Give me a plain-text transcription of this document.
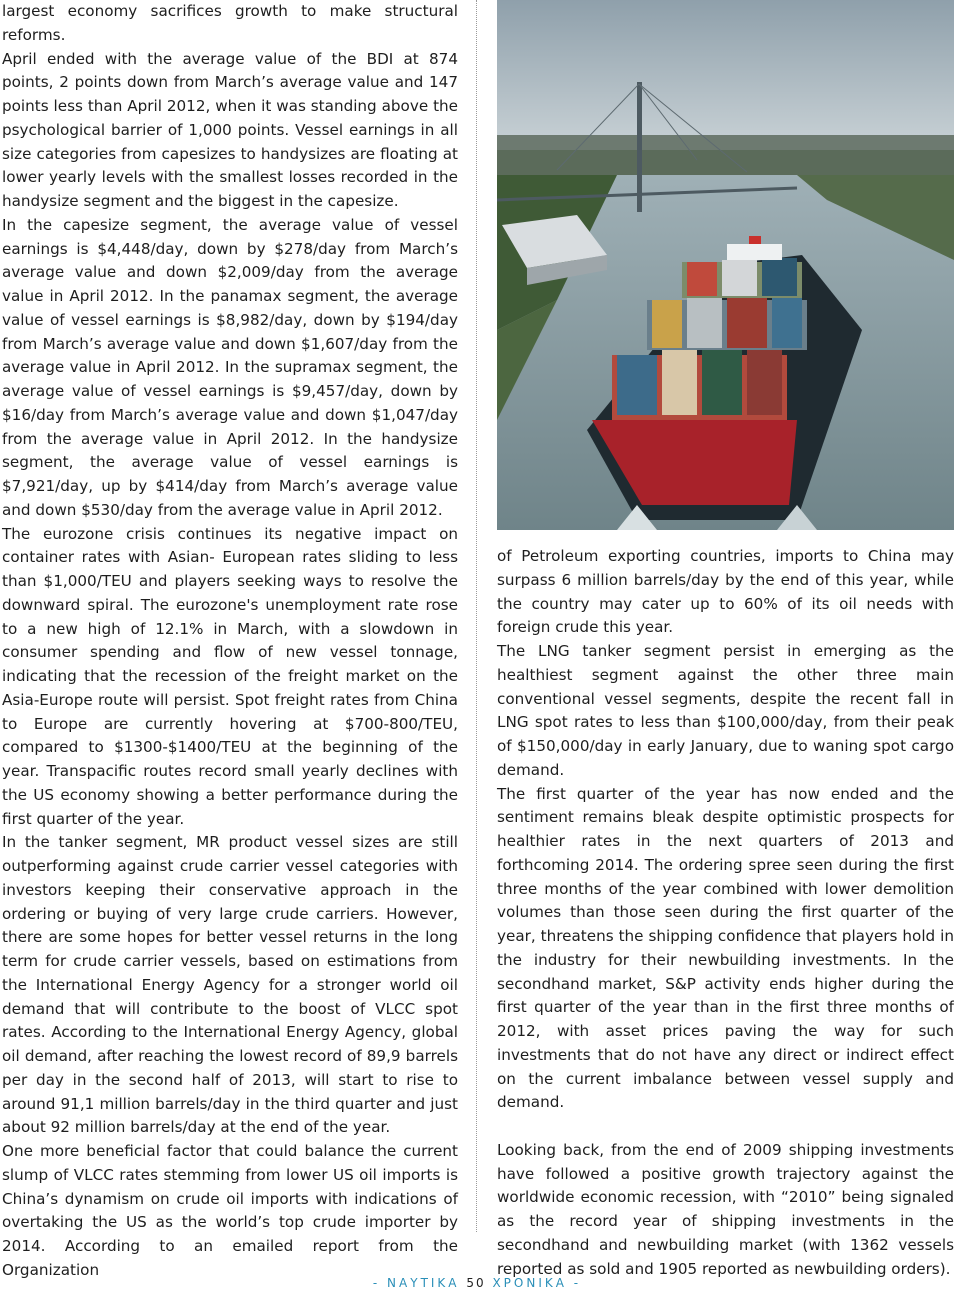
largest economy sacrifices growth to make structural reforms.

April ended with the average value of the BDI at 874 points, 2 points down from March’s average value and 147 points less than April 2012, when it was standing above the psychological barrier of 1,000 points. Vessel earnings in all size categories from capesizes to handysizes are floating at lower yearly levels with the smallest losses recorded in the handysize segment and the biggest in the capesize.

In the capesize segment, the average value of vessel earnings is $4,448/day, down by $278/day from March’s average value and down $2,009/day from the average value in April 2012. In the panamax segment, the average value of vessel earnings is $8,982/day, down by $194/day from March’s average value and down $1,607/day from the average value in April 2012. In the supramax segment, the average value of vessel earnings is $9,457/day, down by $16/day from March’s average value and down $1,047/day from the average value in April 2012. In the handysize segment, the average value of vessel earnings is $7,921/day, up by $414/day from March’s average value and down $530/day from the average value in April 2012.

The eurozone crisis continues its negative impact on container rates with Asian- European rates sliding to less than $1,000/TEU and players seeking ways to resolve the downward spiral. The eurozone's unemployment rate rose to a new high of 12.1% in March, with a slowdown in consumer spending and flow of new vessel tonnage, indicating that the recession of the freight market on the Asia-Europe route will persist. Spot freight rates from China to Europe are currently hovering at $700-800/TEU, compared to $1300-$1400/TEU at the beginning of the year. Transpacific routes record small yearly declines with the US economy showing a better performance during the first quarter of the year.

In the tanker segment, MR product vessel sizes are still outperforming against crude carrier vessel categories with investors keeping their conservative approach in the ordering or buying of very large crude carriers. However, there are some hopes for better vessel returns in the long term for crude carrier vessels, based on estimations from the International Energy Agency for a stronger world oil demand that will contribute to the boost of VLCC spot rates. According to the International Energy Agency, global oil demand, after reaching the lowest record of 89,9 barrels per day in the second half of 2013, will start to rise to around 91,1 million barrels/day in the third quarter and just about 92 million barrels/day at the end of the year.

One more beneficial factor that could balance the current slump of VLCC rates stemming from lower US oil imports is China’s dynamism on crude oil imports with indications of overtaking the US as the world’s top crude importer by 2014. According to an emailed report from the Organization

of Petroleum exporting countries, imports to China may surpass 6 million barrels/day by the end of this year, while the country may cater up to 60% of its oil needs with foreign crude this year.

The LNG tanker segment persist in emerging as the healthiest segment against the other three main conventional vessel segments, despite the recent fall in LNG spot rates to less than $100,000/day, from their peak of $150,000/day in early January, due to waning spot cargo demand.

The first quarter of the year has now ended and the sentiment remains bleak despite optimistic prospects for healthier rates in the next quarters of 2013 and forthcoming 2014. The ordering spree seen during the first three months of the year combined with lower demolition volumes than those seen during the first quarter of the year, threatens the shipping confidence that players hold in the industry for their newbuilding investments. In the secondhand market, S&P activity ends higher during the first quarter of the year than in the first three months of 2012, with asset prices paving the way for such investments that do not have any direct or indirect effect on the current imbalance between vessel supply and demand.

Looking back, from the end of 2009 shipping investments have followed a positive growth trajectory against the worldwide economic recession, with “2010” being signaled as the record year of shipping investments in the secondhand and newbuilding market (with 1362 vessels reported as sold and 1905 reported as newbuilding orders).

- ΝΑΥΤΙΚΑ 50 ΧΡΟΝΙΚΑ -
